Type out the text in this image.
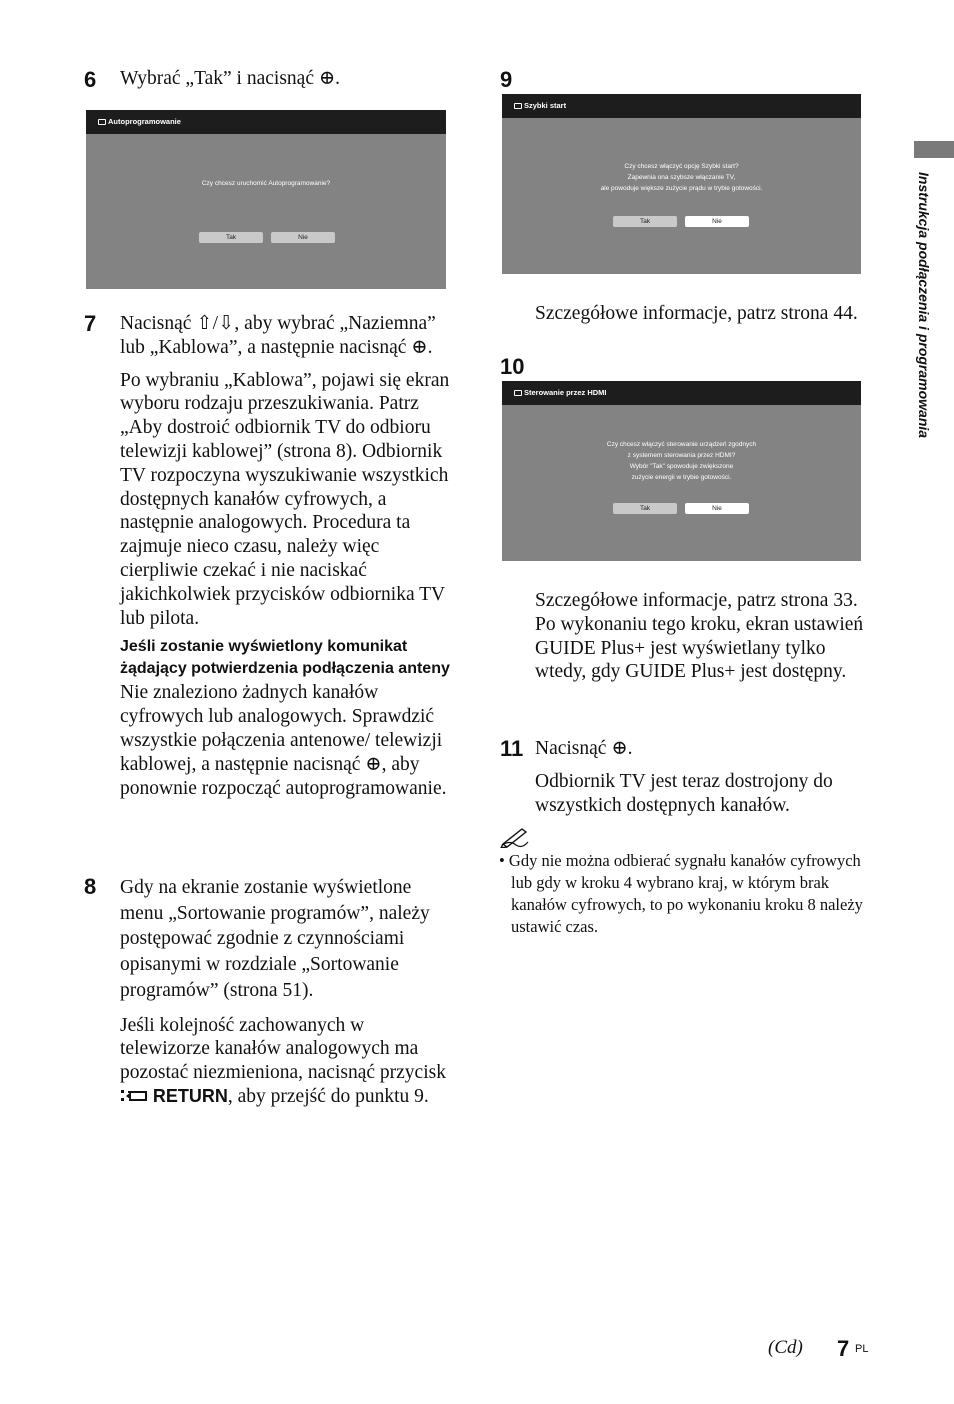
Instrukcja podłączenia i programowania
6 Wybrać „Tak” i nacisnąć ⊕.

Autoprogramowanie
Czy chcesz uruchomić Autoprogramowanie?
Tak	Nie
7 Nacisnąć ⇧/⇩, aby wybrać „Naziemna” lub „Kablowa”, a następnie nacisnąć ⊕.

Po wybraniu „Kablowa”, pojawi się ekran wyboru rodzaju przeszukiwania. Patrz „Aby dostroić odbiornik TV do odbioru telewizji kablowej” (strona 8). Odbiornik TV rozpoczyna wyszukiwanie wszystkich dostępnych kanałów cyfrowych, a następnie analogowych. Procedura ta zajmuje nieco czasu, należy więc cierpliwie czekać i nie naciskać jakichkolwiek przycisków odbiornika TV lub pilota.

Jeśli zostanie wyświetlony komunikat żądający potwierdzenia podłączenia anteny

Nie znaleziono żadnych kanałów cyfrowych lub analogowych. Sprawdzić wszystkie połączenia antenowe/ telewizji kablowej, a następnie nacisnąć ⊕, aby ponownie rozpocząć autoprogramowanie.

8 Gdy na ekranie zostanie wyświetlone menu „Sortowanie programów”, należy postępować zgodnie z czynnościami opisanymi w rozdziale „Sortowanie programów” (strona 51).

Jeśli kolejność zachowanych w telewizorze kanałów analogowych ma pozostać niezmieniona, nacisnąć przycisk  RETURN, aby przejść do punktu 9.

9
Szybki start
Czy chcesz włączyć opcję Szybki start?
Zapewnia ona szybsze włączanie TV,
ale powoduje większe zużycie prądu w trybie gotowości.
Tak	Nie

Szczegółowe informacje, patrz strona 44.

10
Sterowanie przez HDMI
Czy chcesz włączyć sterowanie urządzeń zgodnych
z systemem sterowania przez HDMI?
Wybór "Tak" spowoduje zwiększone
zużycie energii w trybie gotowości.
Tak	Nie

Szczegółowe informacje, patrz strona 33.

Po wykonaniu tego kroku, ekran ustawień GUIDE Plus+ jest wyświetlany tylko wtedy, gdy GUIDE Plus+ jest dostępny.

11 Nacisnąć ⊕.

Odbiornik TV jest teraz dostrojony do wszystkich dostępnych kanałów.

• Gdy nie można odbierać sygnału kanałów cyfrowych lub gdy w kroku 4 wybrano kraj, w którym brak kanałów cyfrowych, to po wykonaniu kroku 8 należy ustawić czas.

(Cd) 7 PL
